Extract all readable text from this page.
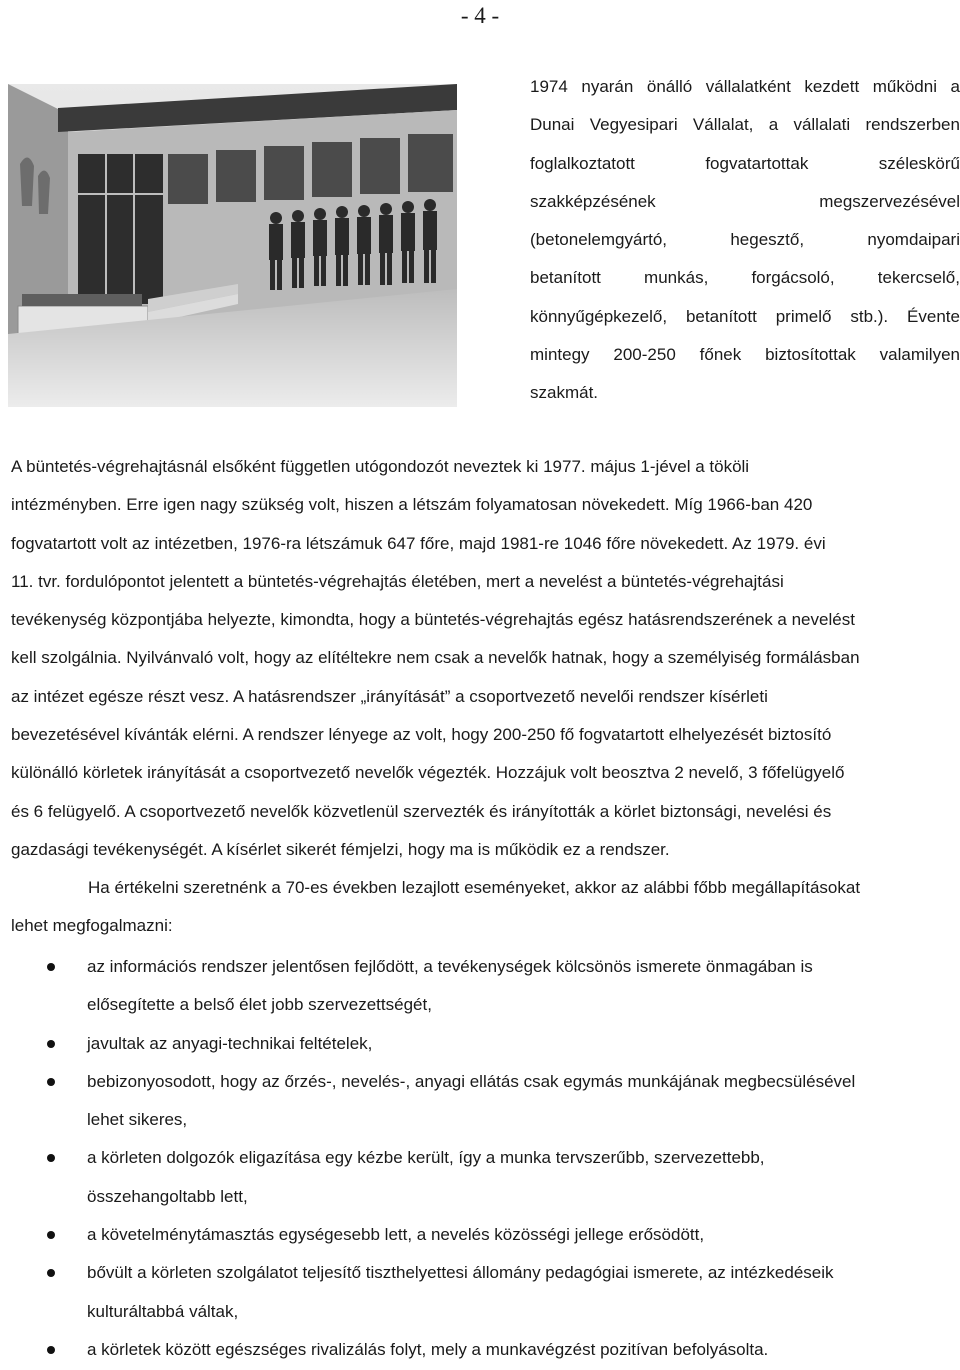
- 4 -
1974 nyarán önálló vállalatként kezdett működni a
Dunai Vegyesipari Vállalat, a vállalati rendszerben
foglalkoztatott	fogvatartottak	széleskörű
szakképzésének	megszervezésével
(betonelemgyártó,	hegesztő,	nyomdaipari
betanított	munkás,	forgácsoló,	tekercselő,
könnyűgépkezelő, betanított primelő stb.). Évente
mintegy 200-250 főnek biztosítottak valamilyen
szakmát.
A büntetés-végrehajtásnál elsőként független utógondozót neveztek ki 1977. május 1-jével a tököli
intézményben. Erre igen nagy szükség volt, hiszen a létszám folyamatosan növekedett. Míg 1966-ban 420
fogvatartott volt az intézetben, 1976-ra létszámuk 647 főre, majd 1981-re 1046 főre növekedett. Az 1979. évi
11. tvr. fordulópontot jelentett a büntetés-végrehajtás életében, mert a nevelést a büntetés-végrehajtási
tevékenység központjába helyezte, kimondta, hogy a büntetés-végrehajtás egész hatásrendszerének a nevelést
kell szolgálnia. Nyilvánvaló volt, hogy az elítéltekre nem csak a nevelők hatnak, hogy a személyiség formálásban
az intézet egésze részt vesz. A hatásrendszer „irányítását” a csoportvezető nevelői rendszer kísérleti
bevezetésével kívánták elérni. A rendszer lényege az volt, hogy 200-250 fő fogvatartott elhelyezését biztosító
különálló körletek irányítását a csoportvezető nevelők végezték. Hozzájuk volt beosztva 2 nevelő, 3 főfelügyelő
és 6 felügyelő. A csoportvezető nevelők közvetlenül szervezték és irányították a körlet biztonsági, nevelési és
gazdasági tevékenységét. A kísérlet sikerét fémjelzi, hogy ma is működik ez a rendszer.
Ha értékelni szeretnénk a 70-es években lezajlott eseményeket, akkor az alábbi főbb megállapításokat
lehet megfogalmazni:
az információs rendszer jelentősen fejlődött, a tevékenységek kölcsönös ismerete önmagában is
elősegítette a belső élet jobb szervezettségét,
javultak az anyagi-technikai feltételek,
bebizonyosodott, hogy az őrzés-, nevelés-, anyagi ellátás csak egymás munkájának megbecsülésével
lehet sikeres,
a körleten dolgozók eligazítása egy kézbe került, így a munka tervszerűbb, szervezettebb,
összehangoltabb lett,
a követelménytámasztás egységesebb lett, a nevelés közösségi jellege erősödött,
bővült a körleten szolgálatot teljesítő tiszthelyettesi állomány pedagógiai ismerete, az intézkedéseik
kulturáltabbá váltak,
a körletek között egészséges rivalizálás folyt, mely a munkavégzést pozitívan befolyásolta.
